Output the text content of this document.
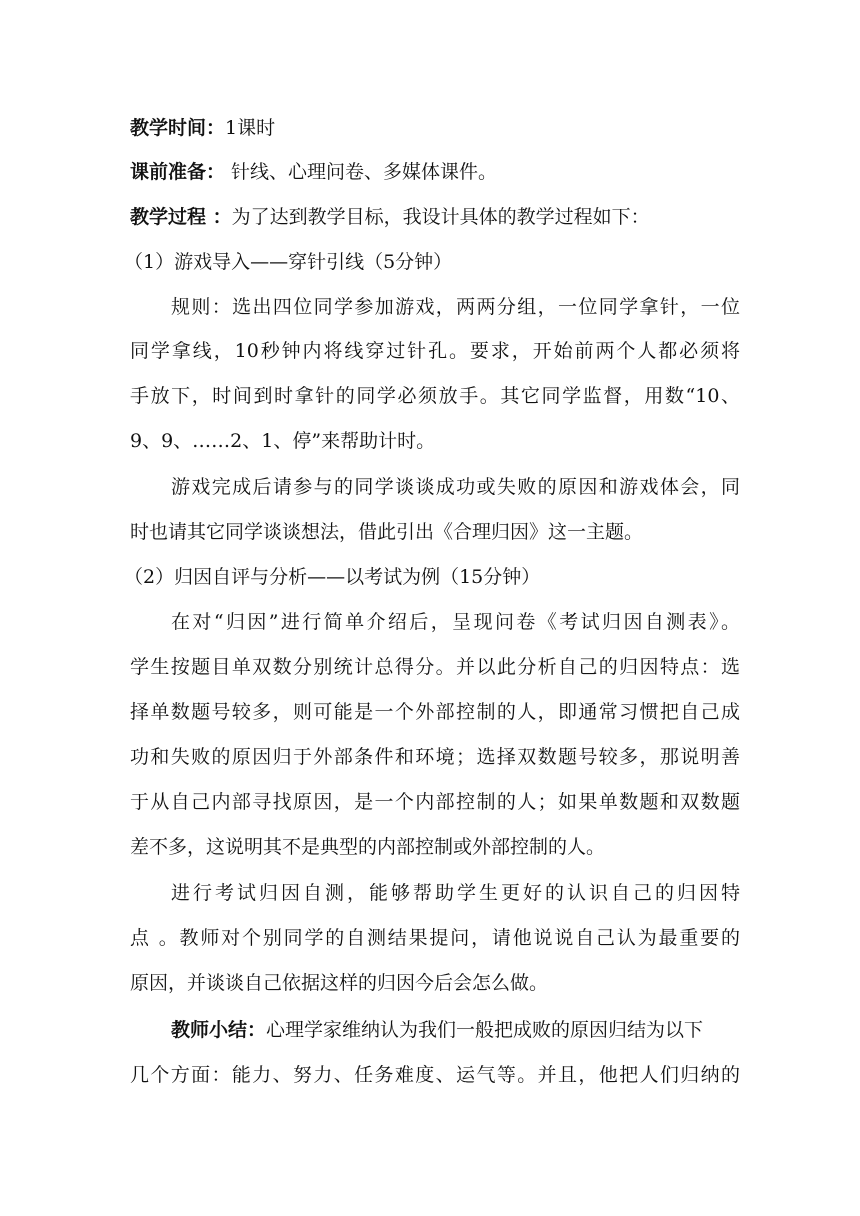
教学时间：1课时
课前准备： 针线、心理问卷、多媒体课件。
教学过程 ：为了达到教学目标，我设计具体的教学过程如下：
（1）游戏导入——穿针引线（5分钟）
规则：选出四位同学参加游戏，两两分组，一位同学拿针，一位
同学拿线，10秒钟内将线穿过针孔。要求，开始前两个人都必须将
手放下，时间到时拿针的同学必须放手。其它同学监督，用数“10、
9、9、……2、1、停”来帮助计时。
游戏完成后请参与的同学谈谈成功或失败的原因和游戏体会，同
时也请其它同学谈谈想法，借此引出《合理归因》这一主题。
（2）归因自评与分析——以考试为例（15分钟）
在对“归因”进行简单介绍后，呈现问卷《考试归因自测表》。
学生按题目单双数分别统计总得分。并以此分析自己的归因特点：选
择单数题号较多，则可能是一个外部控制的人，即通常习惯把自己成
功和失败的原因归于外部条件和环境；选择双数题号较多，那说明善
于从自己内部寻找原因，是一个内部控制的人；如果单数题和双数题
差不多，这说明其不是典型的内部控制或外部控制的人。
进行考试归因自测，能够帮助学生更好的认识自己的归因特
点 。教师对个别同学的自测结果提问，请他说说自己认为最重要的
原因，并谈谈自己依据这样的归因今后会怎么做。
教师小结：心理学家维纳认为我们一般把成败的原因归结为以下
几个方面：能力、努力、任务难度、运气等。并且，他把人们归纳的
